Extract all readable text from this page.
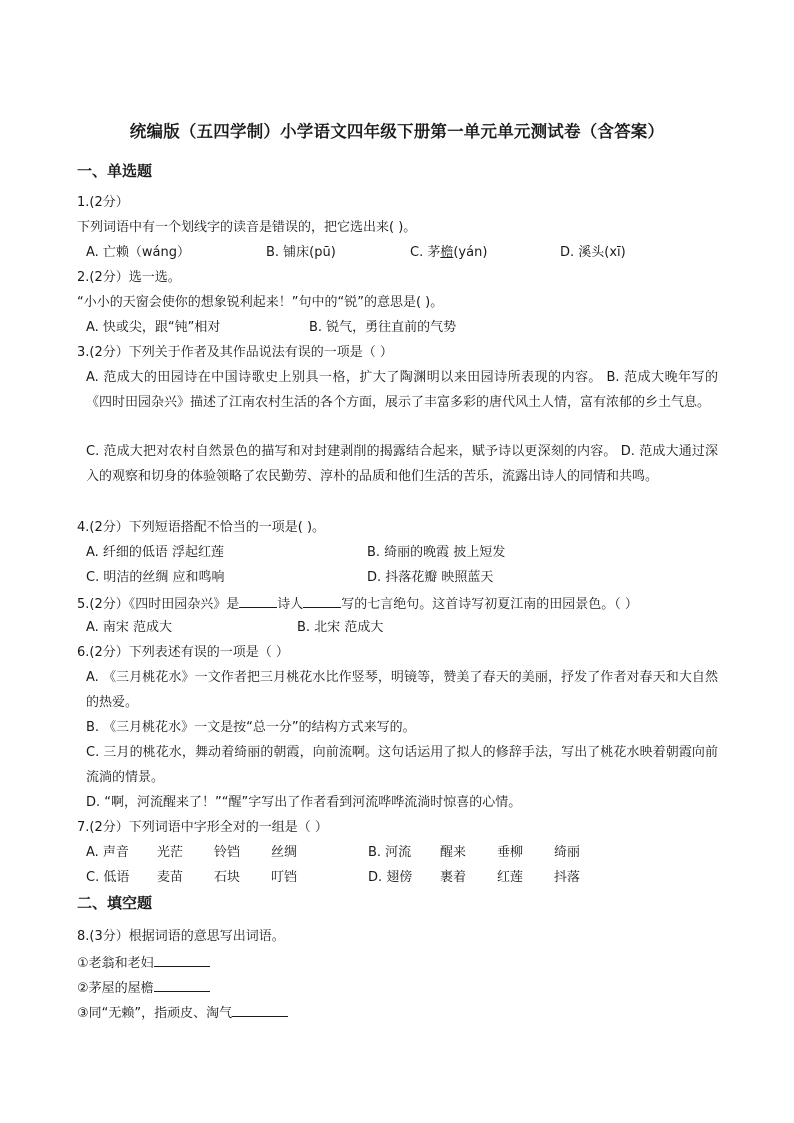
统编版（五四学制）小学语文四年级下册第一单元单元测试卷（含答案）
一、单选题
1.(2分）
下列词语中有一个划线字的读音是错误的，把它选出来( )。
A. 亡赖（wáng）	B. 铺床(pū)	C. 茅檐(yán)	D. 溪头(xī)
2.(2分）选一选。
“小小的天窗会使你的想象锐利起来！”句中的“锐”的意思是( )。
A. 快或尖，跟“钝”相对	B. 锐气，勇往直前的气势
3.(2分）下列关于作者及其作品说法有误的一项是（ ）
A. 范成大的田园诗在中国诗歌史上别具一格，扩大了陶渊明以来田园诗所表现的内容。 B. 范成大晚年写的《四时田园杂兴》描述了江南农村生活的各个方面，展示了丰富多彩的唐代风土人情，富有浓郁的乡土气息。
C. 范成大把对农村自然景色的描写和对封建剥削的揭露结合起来，赋予诗以更深刻的内容。 D. 范成大通过深入的观察和切身的体验领略了农民勤劳、淳朴的品质和他们生活的苦乐，流露出诗人的同情和共鸣。
4.(2分）下列短语搭配不恰当的一项是( )。
A. 纤细的低语 浮起红莲	B. 绮丽的晚霞 披上短发
C. 明洁的丝绸 应和鸣响	D. 抖落花瓣 映照蓝天
5.(2分）《四时田园杂兴》是	诗人	写的七言绝句。这首诗写初夏江南的田园景色。（ ）
A. 南宋 范成大	B. 北宋 范成大
6.(2分）下列表述有误的一项是（ ）
A. 《三月桃花水》一文作者把三月桃花水比作竖琴，明镜等，赞美了春天的美丽，抒发了作者对春天和大自然的热爱。
B. 《三月桃花水》一文是按“总一分”的结构方式来写的。
C. 三月的桃花水，舞动着绮丽的朝霞，向前流啊。这句话运用了拟人的修辞手法，写出了桃花水映着朝霞向前流淌的情景。
D. “啊，河流醒来了！”“醒”字写出了作者看到河流哗哗流淌时惊喜的心情。
7.(2分）下列词语中字形全对的一组是（ ）
A. 声音 光茫 铃铛 丝绸	B. 河流 醒来 垂柳 绮丽
C. 低语 麦苗 石块 叮铛	D. 翅傍 裹着 红莲 抖落
二、填空题
8.(3分）根据词语的意思写出词语。
①老翁和老妇
②茅屋的屋檐
③同“无赖”，指顽皮、淘气
